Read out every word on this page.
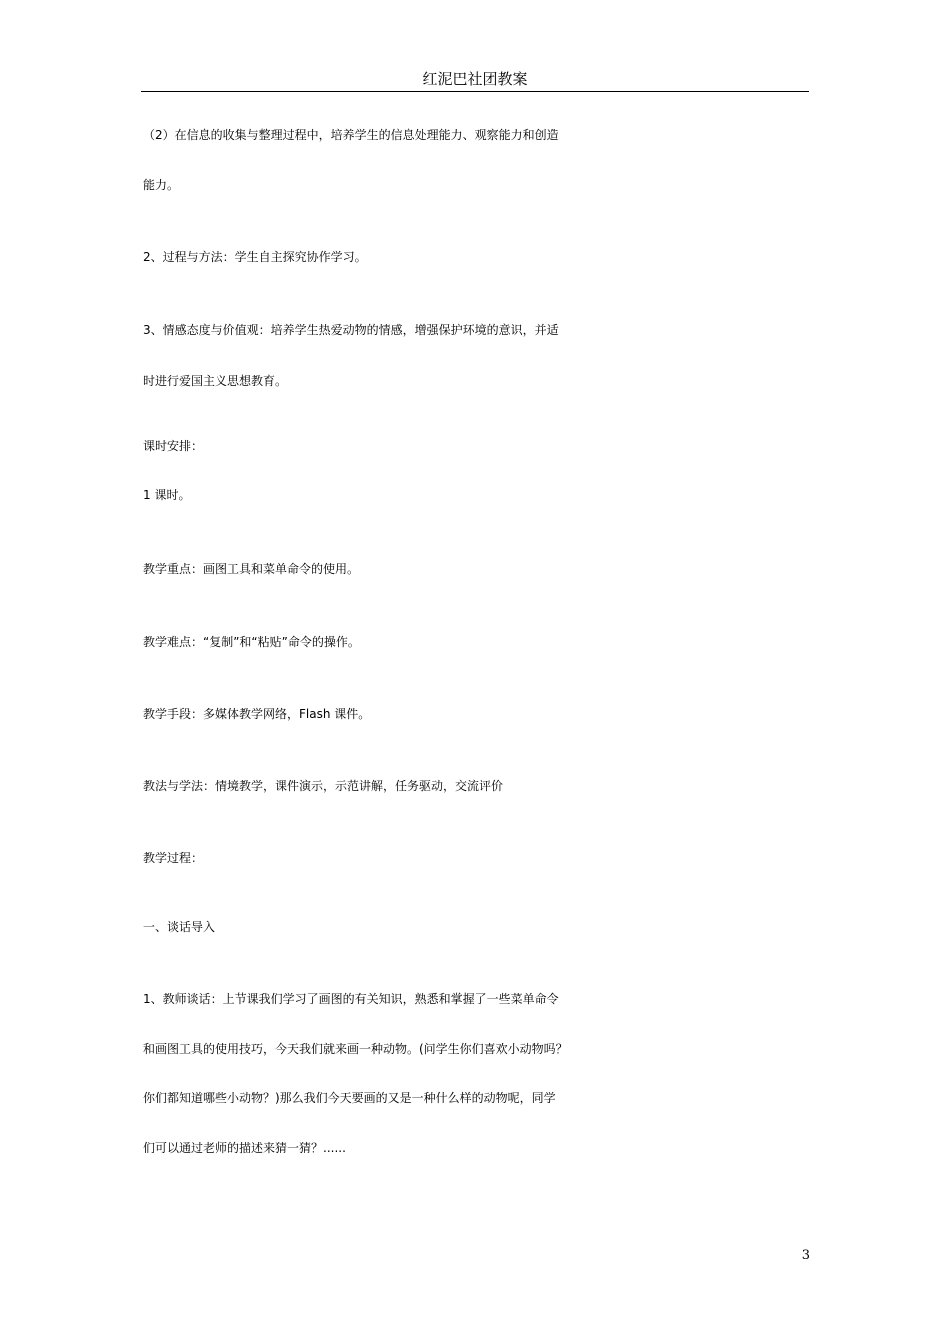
红泥巴社团教案
（2）在信息的收集与整理过程中，培养学生的信息处理能力、观察能力和创造
能力。
2、过程与方法：学生自主探究协作学习。
3、情感态度与价值观：培养学生热爱动物的情感，增强保护环境的意识，并适
时进行爱国主义思想教育。
课时安排：
1 课时。
教学重点：画图工具和菜单命令的使用。
教学难点：“复制”和“粘贴”命令的操作。
教学手段：多媒体教学网络，Flash 课件。
教法与学法：情境教学，课件演示，示范讲解，任务驱动，交流评价
教学过程：
一、谈话导入
1、教师谈话：上节课我们学习了画图的有关知识，熟悉和掌握了一些菜单命令
和画图工具的使用技巧，今天我们就来画一种动物。(问学生你们喜欢小动物吗？
你们都知道哪些小动物？)那么我们今天要画的又是一种什么样的动物呢，同学
们可以通过老师的描述来猜一猜？......
3
